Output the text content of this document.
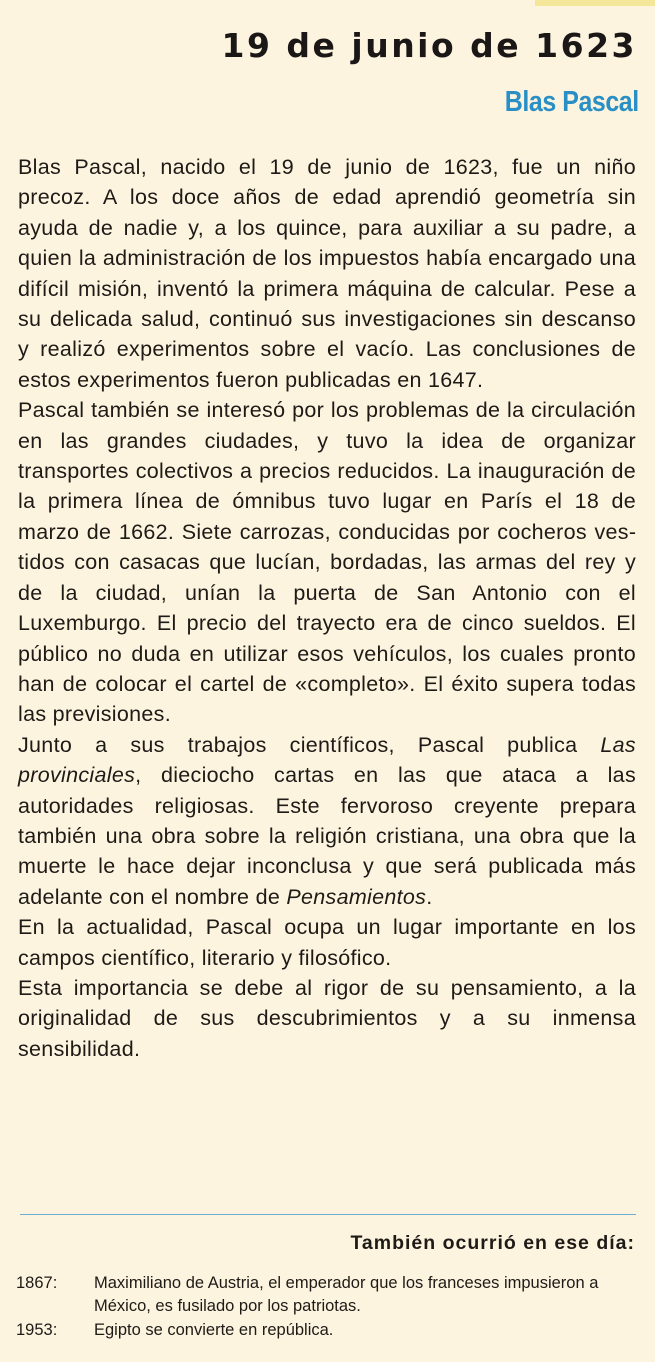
19 de junio de 1623
Blas Pascal

Blas Pascal, nacido el 19 de junio de 1623, fue un niño precoz. A los doce años de edad aprendió geometría sin ayuda de nadie y, a los quince, para auxiliar a su padre, a quien la administración de los impuestos había encargado una difícil misión, inventó la primera máquina de calcular. Pese a su delicada salud, continuó sus investigaciones sin descanso y realizó experimentos sobre el vacío. Las conclusiones de estos experimentos fueron publicadas en 1647.

Pascal también se interesó por los problemas de la circulación en las grandes ciudades, y tuvo la idea de organizar transportes colectivos a precios reducidos. La inauguración de la primera línea de ómnibus tuvo lugar en París el 18 de marzo de 1662. Siete carrozas, conducidas por cocheros vestidos con casacas que lucían, bordadas, las armas del rey y de la ciudad, unían la puerta de San Antonio con el Luxemburgo. El precio del trayecto era de cinco sueldos. El público no duda en utilizar esos vehículos, los cuales pronto han de colocar el cartel de «completo». El éxito supera todas las previsiones.

Junto a sus trabajos científicos, Pascal publica Las provinciales, dieciocho cartas en las que ataca a las autoridades religiosas. Este fervoroso creyente prepara también una obra sobre la religión cristiana, una obra que la muerte le hace dejar inconclusa y que será publicada más adelante con el nombre de Pensamientos.

En la actualidad, Pascal ocupa un lugar importante en los campos científico, literario y filosófico.

Esta importancia se debe al rigor de su pensamiento, a la originalidad de sus descubrimientos y a su inmensa sensibilidad.

También ocurrió en ese día:
1867:	Maximiliano de Austria, el emperador que los franceses impusieron a México, es fusilado por los patriotas.
1953:	Egipto se convierte en república.
